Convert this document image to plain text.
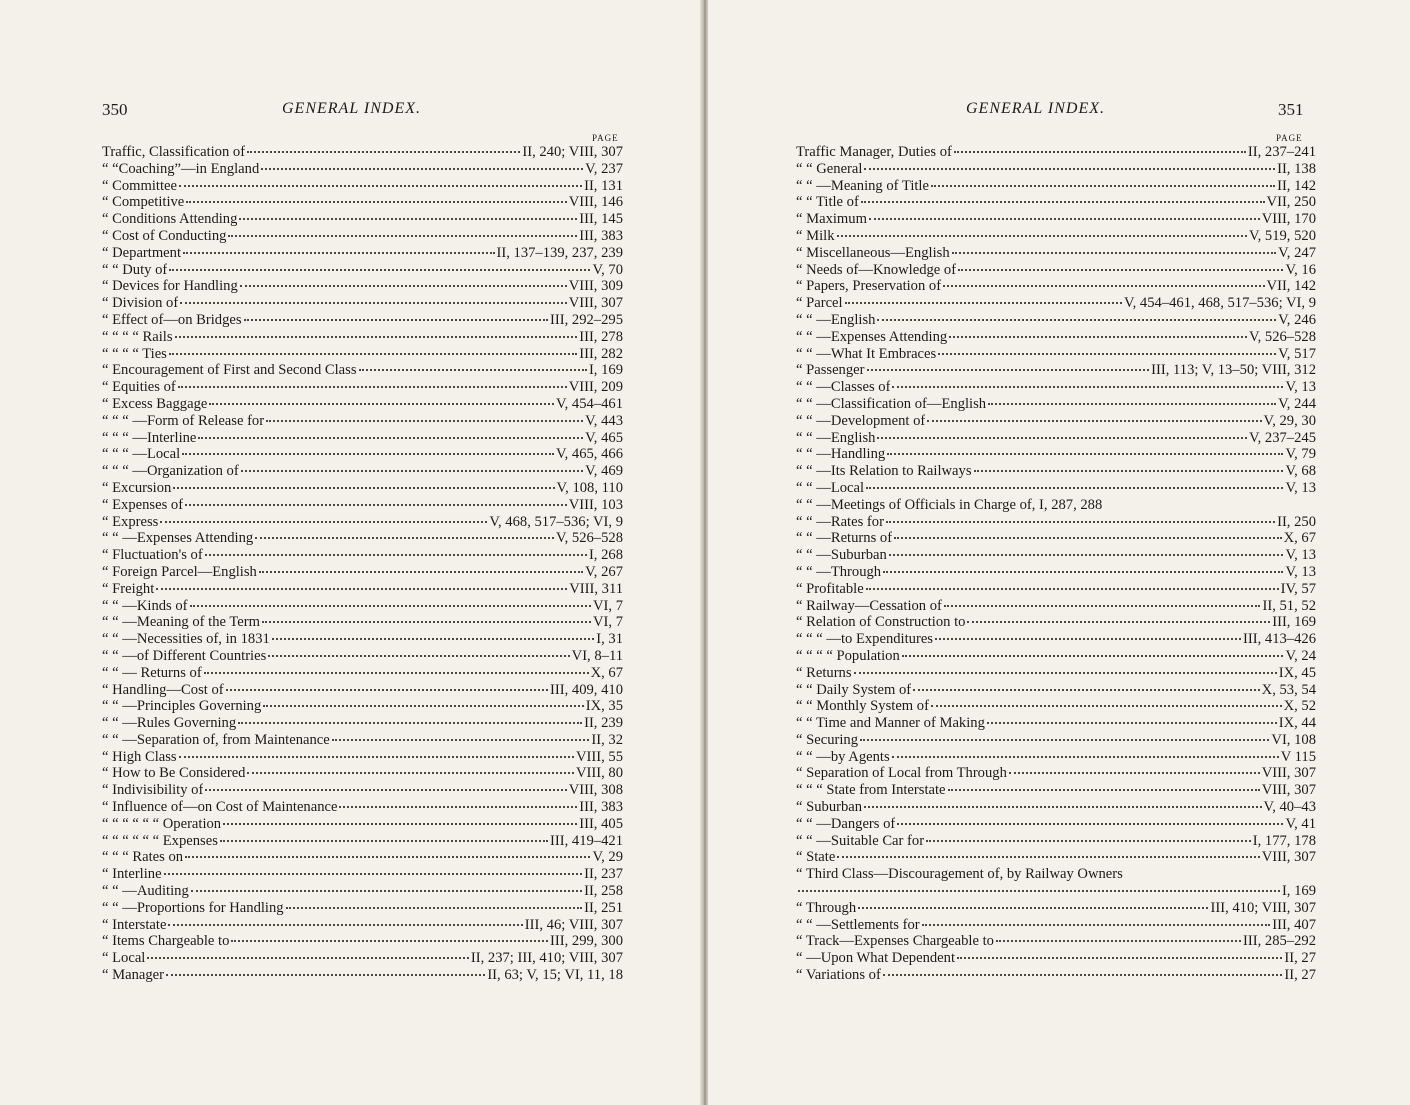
350	GENERAL INDEX.
PAGE
Traffic, Classification of	II, 240; VIII, 307
“ “Coaching”—in England	V, 237
“ Committee	II, 131
“ Competitive	VIII, 146
“ Conditions Attending	III, 145
“ Cost of Conducting	III, 383
“ Department	II, 137–139, 237, 239
“ “ Duty of	V, 70
“ Devices for Handling	VIII, 309
“ Division of	VIII, 307
“ Effect of—on Bridges	III, 292–295
“ “ “ “ Rails	III, 278
“ “ “ “ Ties	III, 282
“ Encouragement of First and Second Class	I, 169
“ Equities of	VIII, 209
“ Excess Baggage	V, 454–461
“ “ “ —Form of Release for	V, 443
“ “ “ —Interline	V, 465
“ “ “ —Local	V, 465, 466
“ “ “ —Organization of	V, 469
“ Excursion	V, 108, 110
“ Expenses of	VIII, 103
“ Express	V, 468, 517–536; VI, 9
“ “ —Expenses Attending	V, 526–528
“ Fluctuation's of	I, 268
“ Foreign Parcel—English	V, 267
“ Freight	VIII, 311
“ “ —Kinds of	VI, 7
“ “ —Meaning of the Term	VI, 7
“ “ —Necessities of, in 1831	I, 31
“ “ —of Different Countries	VI, 8–11
“ “ — Returns of	X, 67
“ Handling—Cost of	III, 409, 410
“ “ —Principles Governing	IX, 35
“ “ —Rules Governing	II, 239
“ “ —Separation of, from Maintenance	II, 32
“ High Class	VIII, 55
“ How to Be Considered	VIII, 80
“ Indivisibility of	VIII, 308
“ Influence of—on Cost of Maintenance	III, 383
“ “ “ “ “ “ Operation	III, 405
“ “ “ “ “ “ Expenses	III, 419–421
“ “ “ Rates on	V, 29
“ Interline	II, 237
“ “ —Auditing	II, 258
“ “ —Proportions for Handling	II, 251
“ Interstate	III, 46; VIII, 307
“ Items Chargeable to	III, 299, 300
“ Local	II, 237; III, 410; VIII, 307
“ Manager	II, 63; V, 15; VI, 11, 18
GENERAL INDEX.	351
PAGE
Traffic Manager, Duties of	II, 237–241
“ “ General	II, 138
“ “ —Meaning of Title	II, 142
“ “ Title of	VII, 250
“ Maximum	VIII, 170
“ Milk	V, 519, 520
“ Miscellaneous—English	V, 247
“ Needs of—Knowledge of	V, 16
“ Papers, Preservation of	VII, 142
“ Parcel	V, 454–461, 468, 517–536; VI, 9
“ “ —English	V, 246
“ “ —Expenses Attending	V, 526–528
“ “ —What It Embraces	V, 517
“ Passenger	III, 113; V, 13–50; VIII, 312
“ “ —Classes of	V, 13
“ “ —Classification of—English	V, 244
“ “ —Development of	V, 29, 30
“ “ —English	V, 237–245
“ “ —Handling	V, 79
“ “ —Its Relation to Railways	V, 68
“ “ —Local	V, 13
“ “ —Meetings of Officials in Charge of, I, 287, 288
“ “ —Rates for	II, 250
“ “ —Returns of	X, 67
“ “ —Suburban	V, 13
“ “ —Through	V, 13
“ Profitable	IV, 57
“ Railway—Cessation of	II, 51, 52
“ Relation of Construction to	III, 169
“ “ “ —to Expenditures	III, 413–426
“ “ “ “ Population	V, 24
“ Returns	IX, 45
“ “ Daily System of	X, 53, 54
“ “ Monthly System of	X, 52
“ “ Time and Manner of Making	IX, 44
“ Securing	VI, 108
“ “ —by Agents	V 115
“ Separation of Local from Through	VIII, 307
“ “ “ State from Interstate	VIII, 307
“ Suburban	V, 40–43
“ “ —Dangers of	V, 41
“ “ —Suitable Car for	I, 177, 178
“ State	VIII, 307
“ Third Class—Discouragement of, by Railway Owners
I, 169
“ Through	III, 410; VIII, 307
“ “ —Settlements for	III, 407
“ Track—Expenses Chargeable to	III, 285–292
“ —Upon What Dependent	II, 27
“ Variations of	II, 27
